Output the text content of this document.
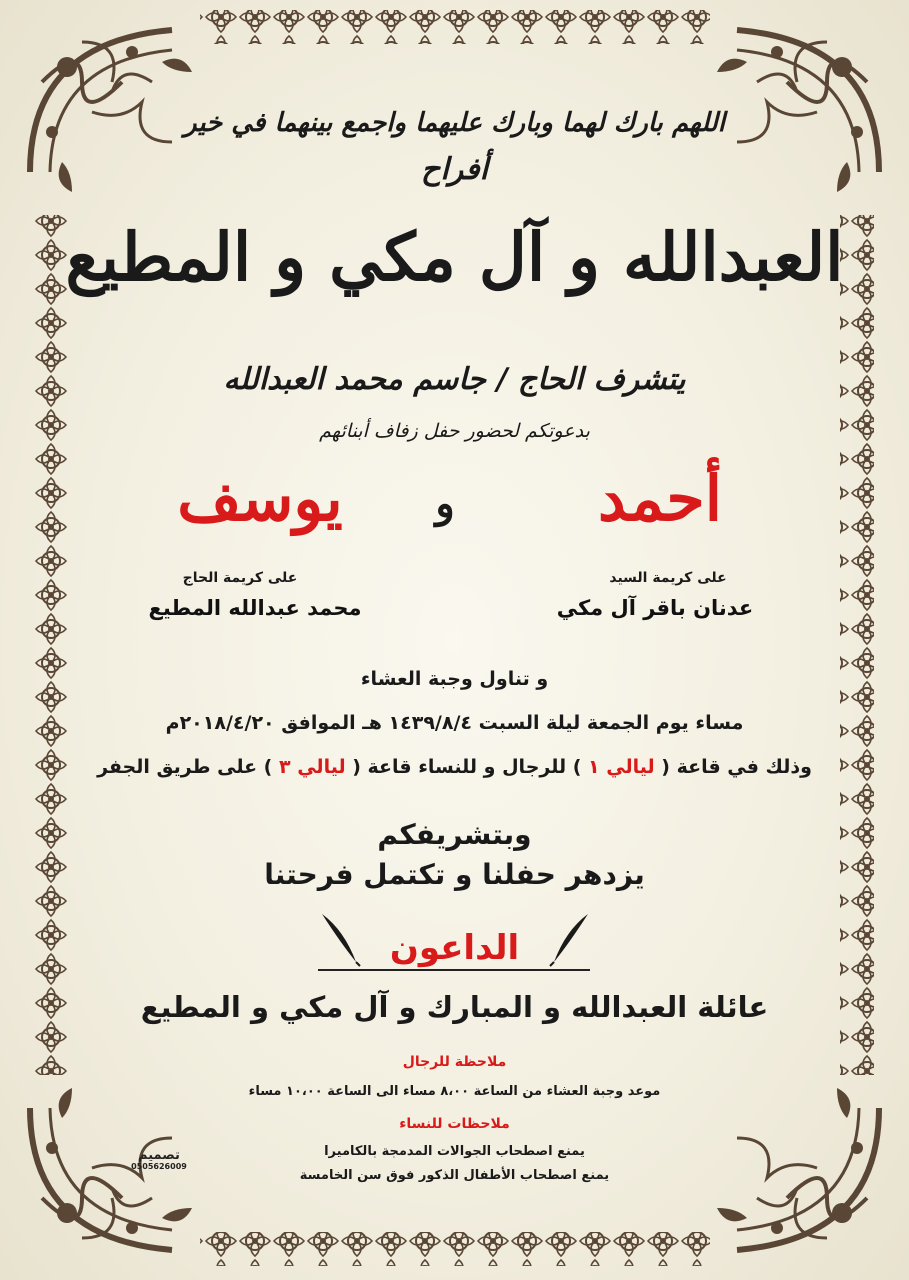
اللهم بارك لهما وبارك عليهما واجمع بينهما في خير
أفراح
العبدالله و آل مكي و المطيع
يتشرف الحاج / جاسم محمد العبدالله
بدعوتكم لحضور حفل زفاف أبنائهم
أحمد
و
يوسف
على كريمة السيد
عدنان باقر آل مكي
على كريمة الحاج
محمد عبدالله المطيع
و تناول وجبة العشاء
مساء يوم الجمعة ليلة السبت ١٤٣٩/٨/٤ هـ الموافق ٢٠١٨/٤/٢٠م
وذلك في قاعة ( ليالي ١ ) للرجال و للنساء قاعة ( ليالي ٣ ) على طريق الجفر
وبتشريفكم
يزدهر حفلنا و تكتمل فرحتنا
الداعون
عائلة العبدالله و المبارك و آل مكي و المطيع
ملاحظة للرجال
موعد وجبة العشاء من الساعة ٨،٠٠ مساء الى الساعة ١٠،٠٠ مساء
ملاحظات للنساء
يمنع اصطحاب الجوالات المدمجة بالكاميرا
يمنع اصطحاب الأطفال الذكور فوق سن الخامسة
تصميم
0505626009
